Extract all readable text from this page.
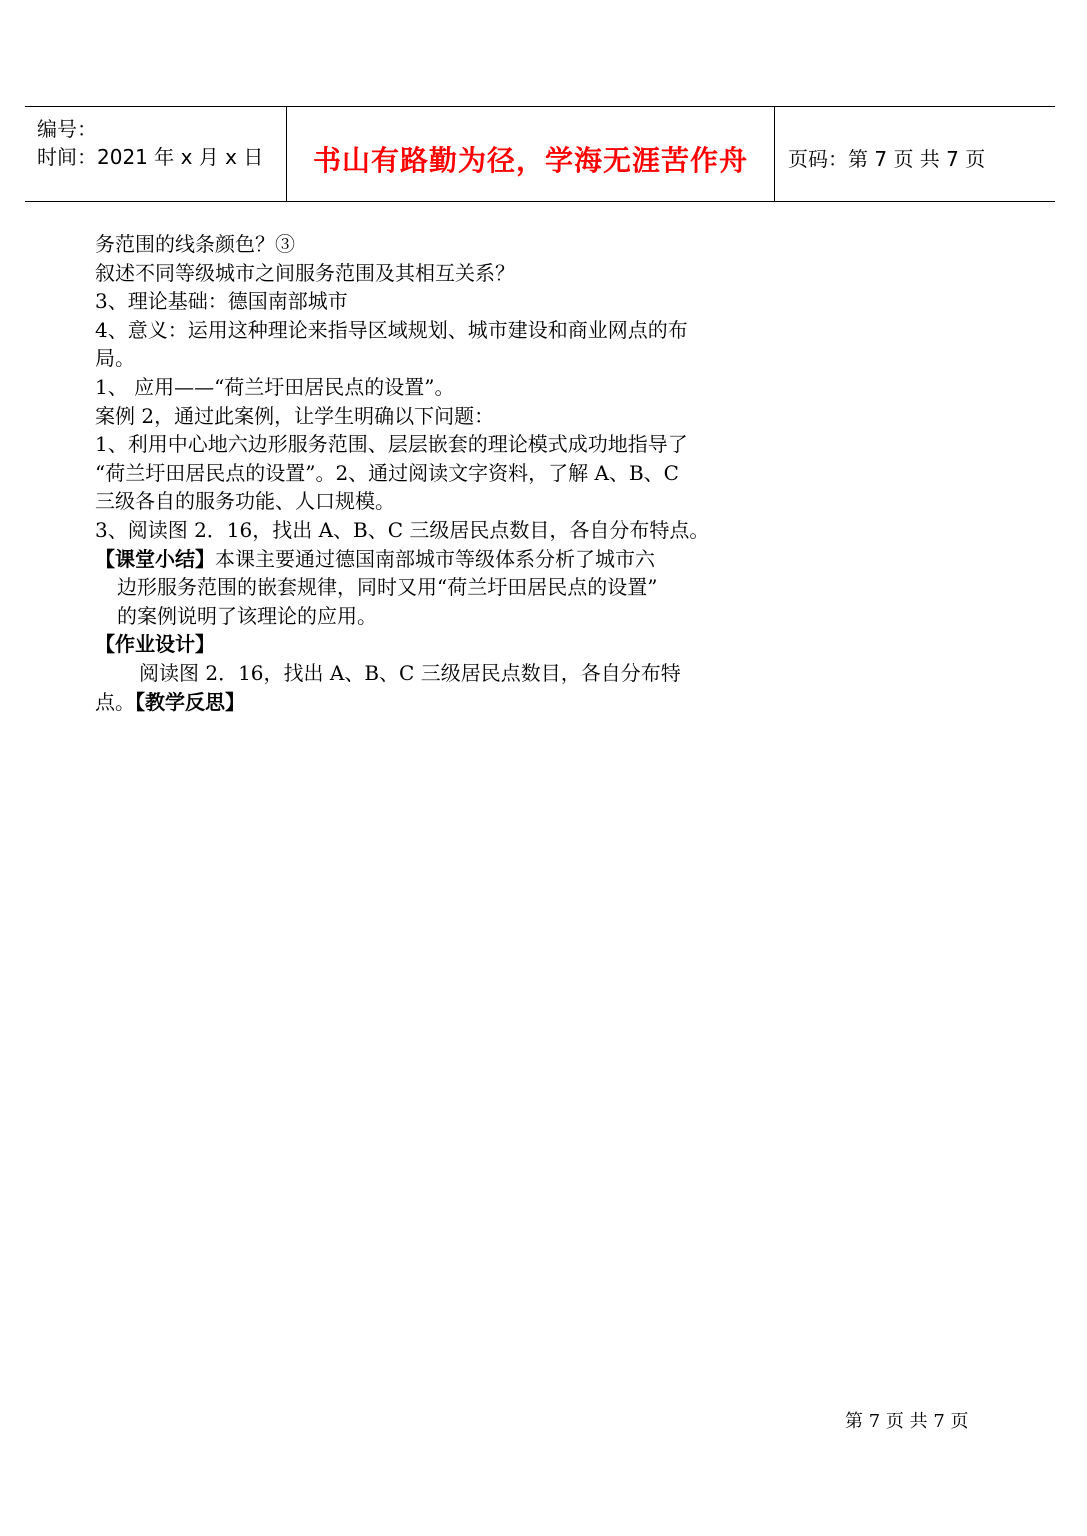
编号：
时间：2021 年 x 月 x 日	书山有路勤为径，学海无涯苦作舟	页码：第 7 页 共 7 页
务范围的线条颜色？③
叙述不同等级城市之间服务范围及其相互关系？
3、理论基础：德国南部城市
4、意义：运用这种理论来指导区域规划、城市建设和商业网点的布
局。
1、 应用——“荷兰圩田居民点的设置”。
案例 2，通过此案例，让学生明确以下问题：
1、利用中心地六边形服务范围、层层嵌套的理论模式成功地指导了
“荷兰圩田居民点的设置”。2、通过阅读文字资料，了解 A、B、C
三级各自的服务功能、人口规模。
3、阅读图 2．16，找出 A、B、C 三级居民点数目，各自分布特点。
【课堂小结】本课主要通过德国南部城市等级体系分析了城市六
边形服务范围的嵌套规律，同时又用“荷兰圩田居民点的设置”
的案例说明了该理论的应用。
【作业设计】
阅读图 2．16，找出 A、B、C 三级居民点数目，各自分布特
点。【教学反思】
第 7 页 共 7 页
